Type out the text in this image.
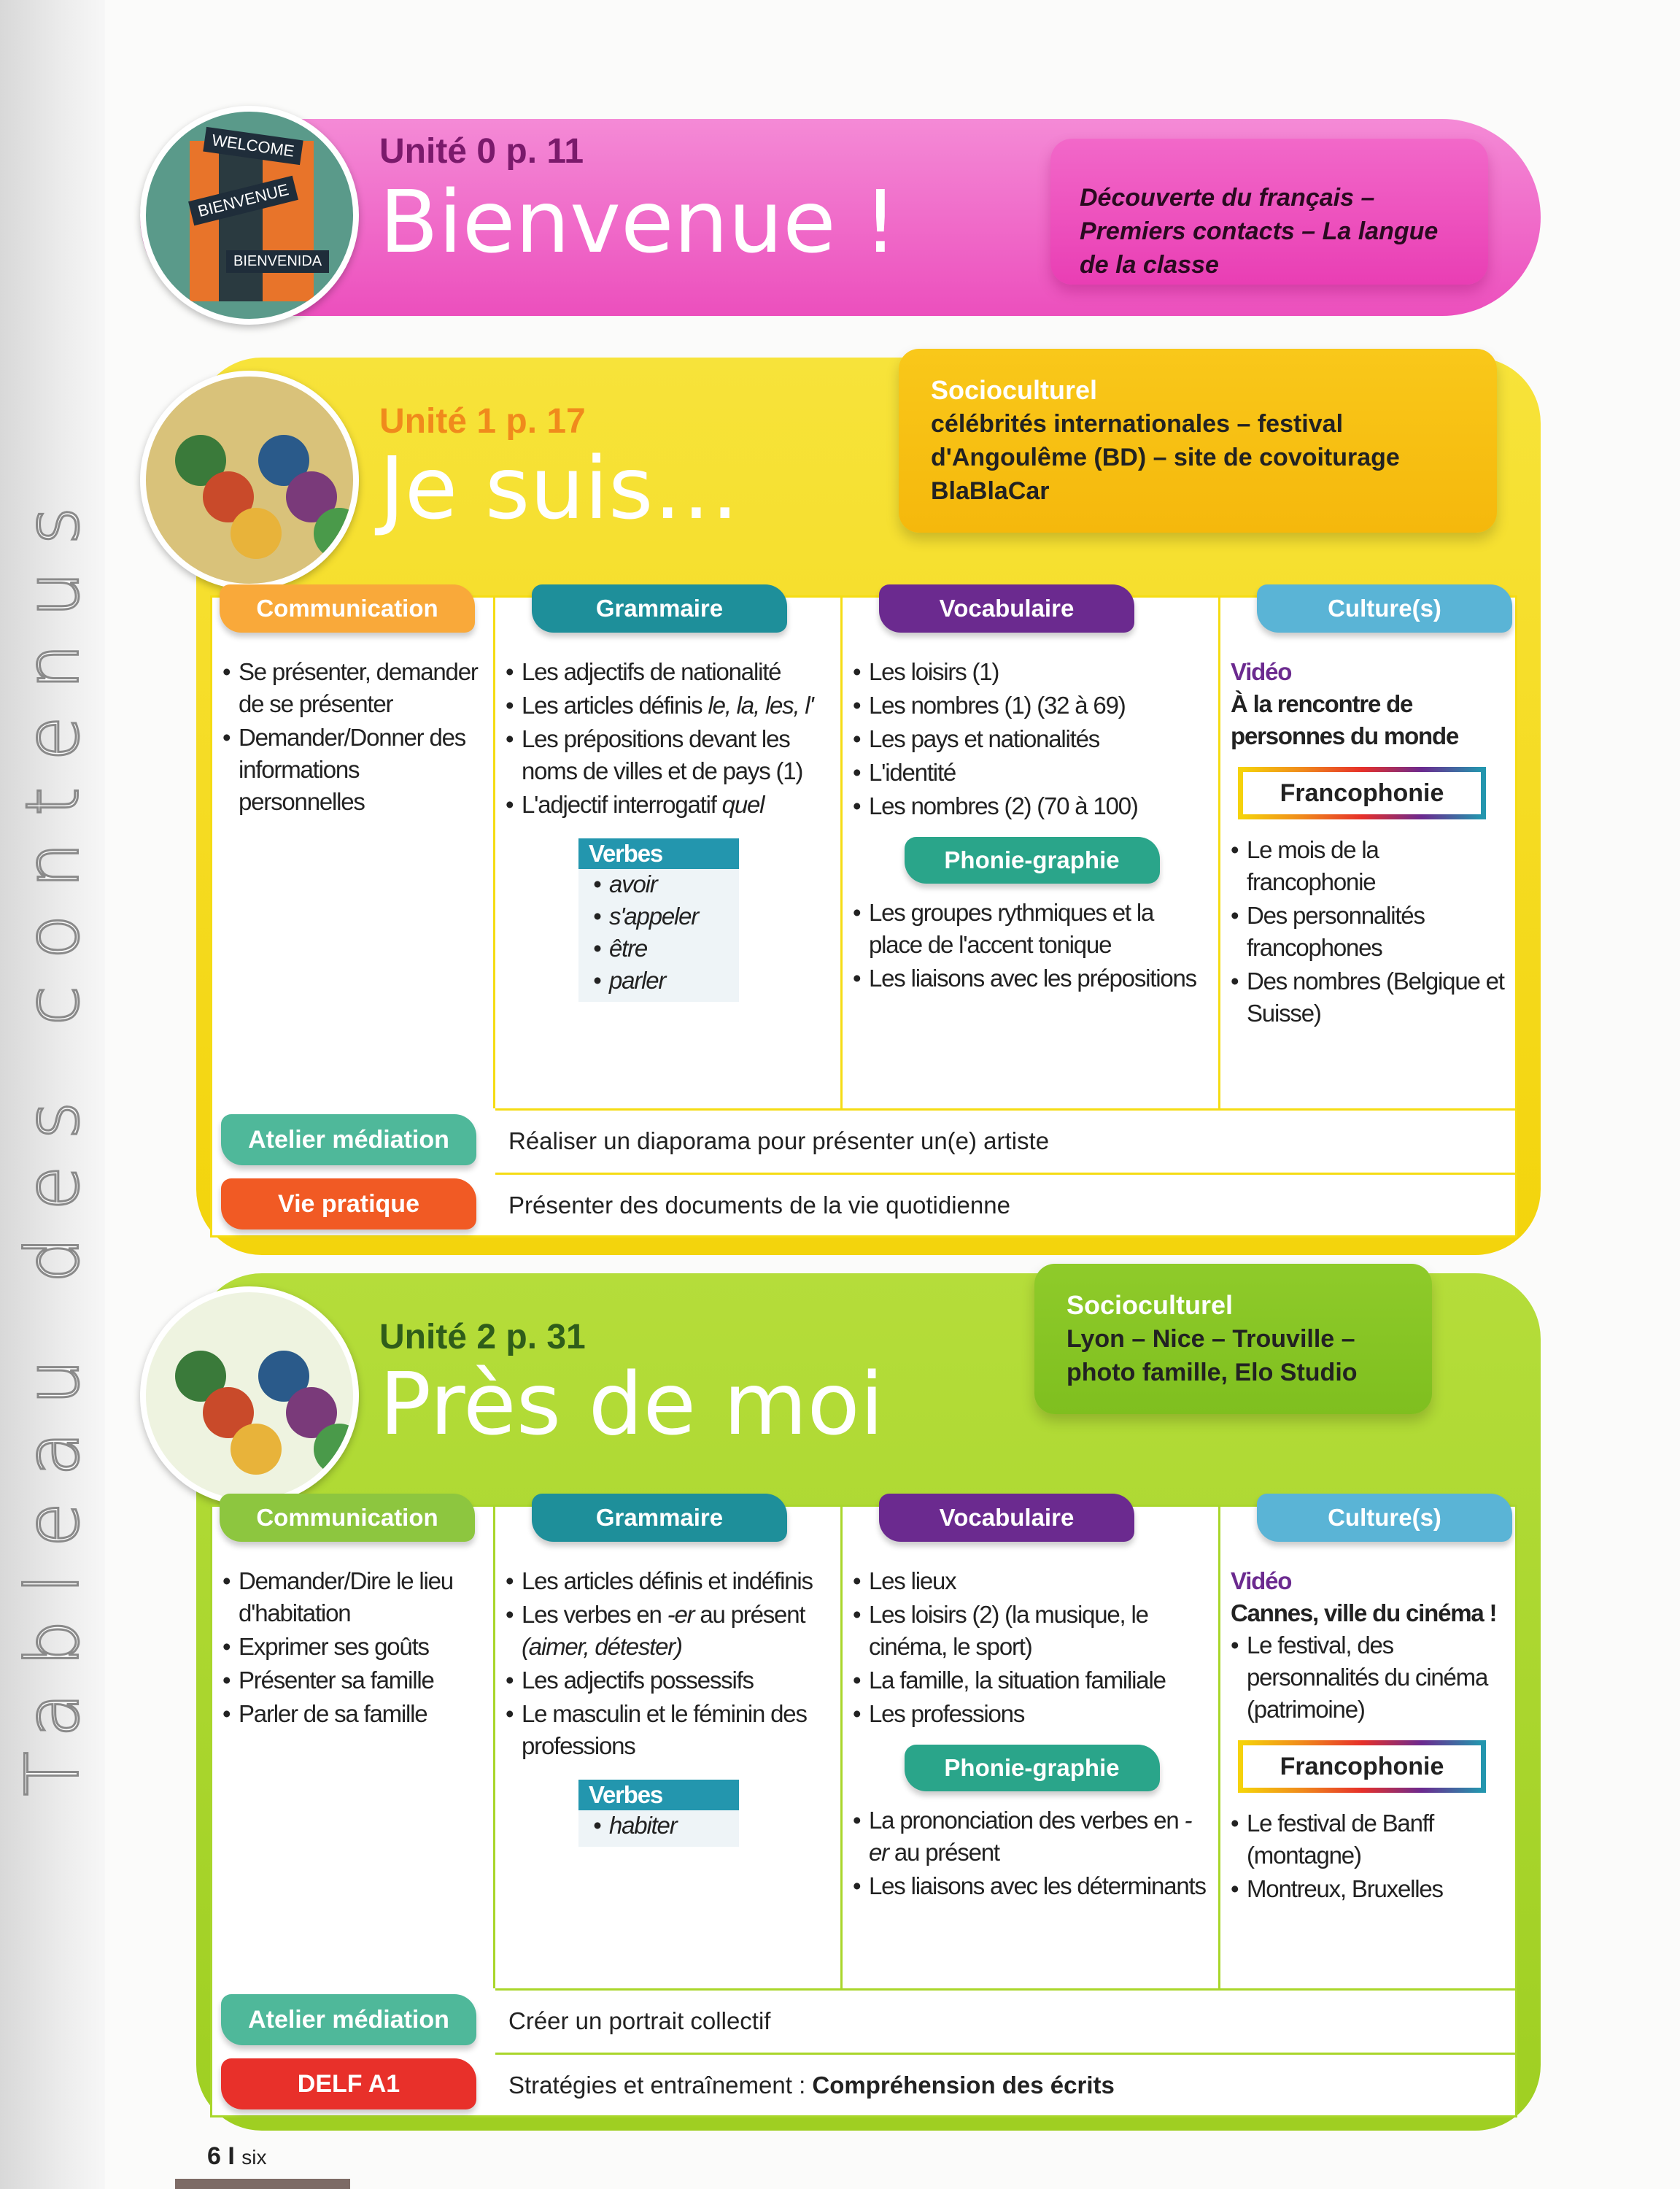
Tableau des contenus
WELCOME
BIENVENUE
BIENVENIDA
Unité 0 p. 11
Bienvenue !	Découverte du français – Premiers contacts – La langue de la classe
Unité 1 p. 17
Je suis…
Socioculturel
célébrités internationales – festival d'Angoulême (BD) – site de covoiturage BlaBlaCar
Communication
• Se présenter, demander de se présenter
• Demander/Donner des informations personnelles
Grammaire
• Les adjectifs de nationalité
• Les articles définis le, la, les, l'
• Les prépositions devant les noms de villes et de pays (1)
• L'adjectif interrogatif quel
Verbes
• avoir
• s'appeler
• être
• parler
Vocabulaire
• Les loisirs (1)
• Les nombres (1) (32 à 69)
• Les pays et nationalités
• L'identité
• Les nombres (2) (70 à 100)
Phonie-graphie
• Les groupes rythmiques et la place de l'accent tonique
• Les liaisons avec les prépositions
Culture(s)
Vidéo
À la rencontre de personnes du monde
Francophonie
• Le mois de la francophonie
• Des personnalités francophones
• Des nombres (Belgique et Suisse)
Réaliser un diaporama pour présenter un(e) artiste
Atelier médiation
Présenter des documents de la vie quotidienne
Vie pratique
Unité 2 p. 31
Près de moi
Socioculturel
Lyon – Nice – Trouville – photo famille, Elo Studio
Communication
• Demander/Dire le lieu d'habitation
• Exprimer ses goûts
• Présenter sa famille
• Parler de sa famille
Grammaire
• Les articles définis et indéfinis
• Les verbes en -er au présent (aimer, détester)
• Les adjectifs possessifs
• Le masculin et le féminin des professions
Verbes
• habiter
Vocabulaire
• Les lieux
• Les loisirs (2) (la musique, le cinéma, le sport)
• La famille, la situation familiale
• Les professions
Phonie-graphie
• La prononciation des verbes en -er au présent
• Les liaisons avec les déterminants
Culture(s)
Vidéo
Cannes, ville du cinéma !
• Le festival, des personnalités du cinéma (patrimoine)
Francophonie
• Le festival de Banff (montagne)
• Montreux, Bruxelles
Créer un portrait collectif
Atelier médiation
Stratégies et entraînement : Compréhension des écrits
DELF A1
6 I six
